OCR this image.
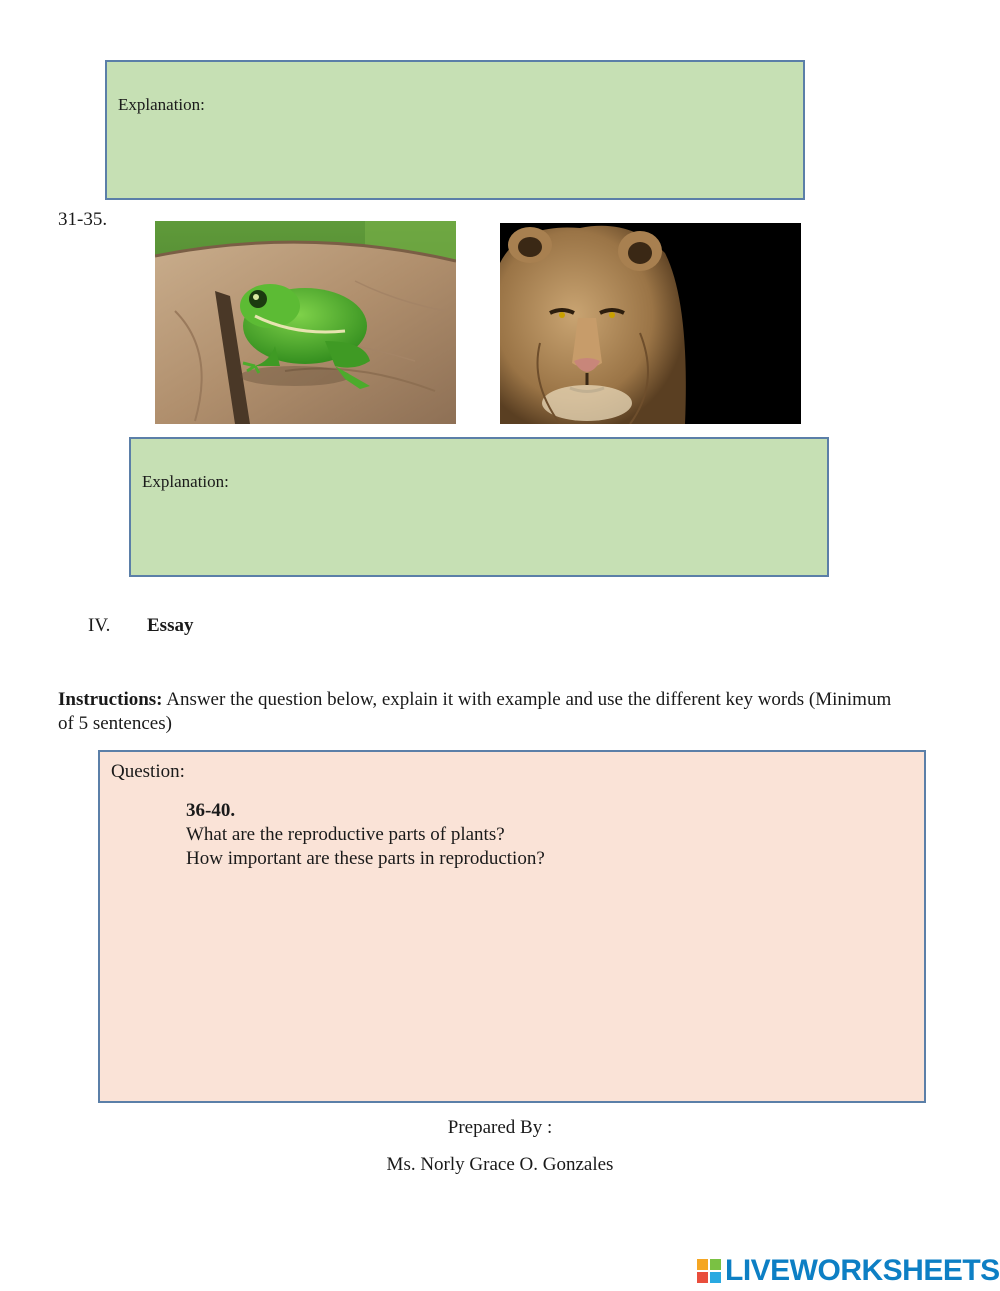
Explanation:
31-35.
Explanation:
IV. Essay
Instructions: Answer the question below, explain it with example and use the different key words (Minimum
of 5 sentences)
Question:
36-40.
What are the reproductive parts of plants?
How important are these parts in reproduction?
Prepared By :
Ms. Norly Grace O. Gonzales
LIVEWORKSHEETS
